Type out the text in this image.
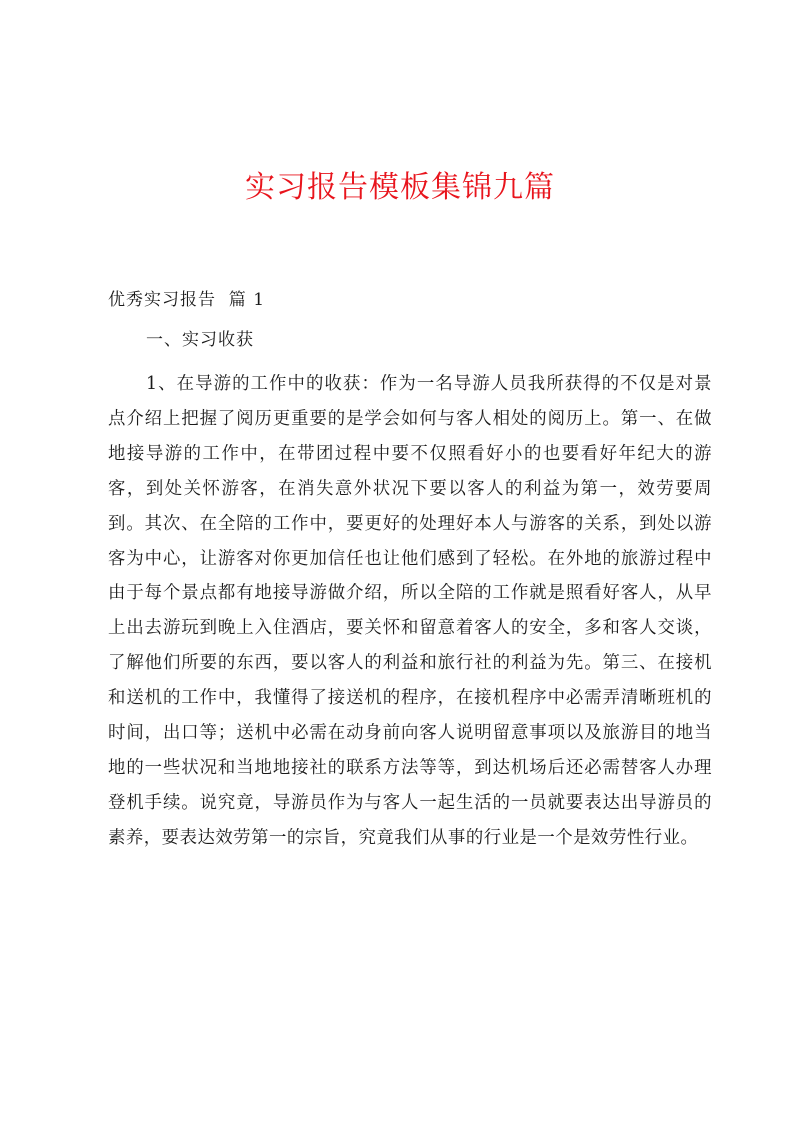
实习报告模板集锦九篇
优秀实习报告  篇 1
一、实习收获

1、在导游的工作中的收获：作为一名导游人员我所获得的不仅是对景点介绍上把握了阅历更重要的是学会如何与客人相处的阅历上。第一、在做地接导游的工作中，在带团过程中要不仅照看好小的也要看好年纪大的游客，到处关怀游客，在消失意外状况下要以客人的利益为第一，效劳要周到。其次、在全陪的工作中，要更好的处理好本人与游客的关系，到处以游客为中心，让游客对你更加信任也让他们感到了轻松。在外地的旅游过程中由于每个景点都有地接导游做介绍，所以全陪的工作就是照看好客人，从早上出去游玩到晚上入住酒店，要关怀和留意着客人的安全，多和客人交谈，了解他们所要的东西，要以客人的利益和旅行社的利益为先。第三、在接机和送机的工作中，我懂得了接送机的程序，在接机程序中必需弄清晰班机的时间，出口等；送机中必需在动身前向客人说明留意事项以及旅游目的地当地的一些状况和当地地接社的联系方法等等，到达机场后还必需替客人办理登机手续。说究竟，导游员作为与客人一起生活的一员就要表达出导游员的素养，要表达效劳第一的宗旨，究竟我们从事的行业是一个是效劳性行业。
